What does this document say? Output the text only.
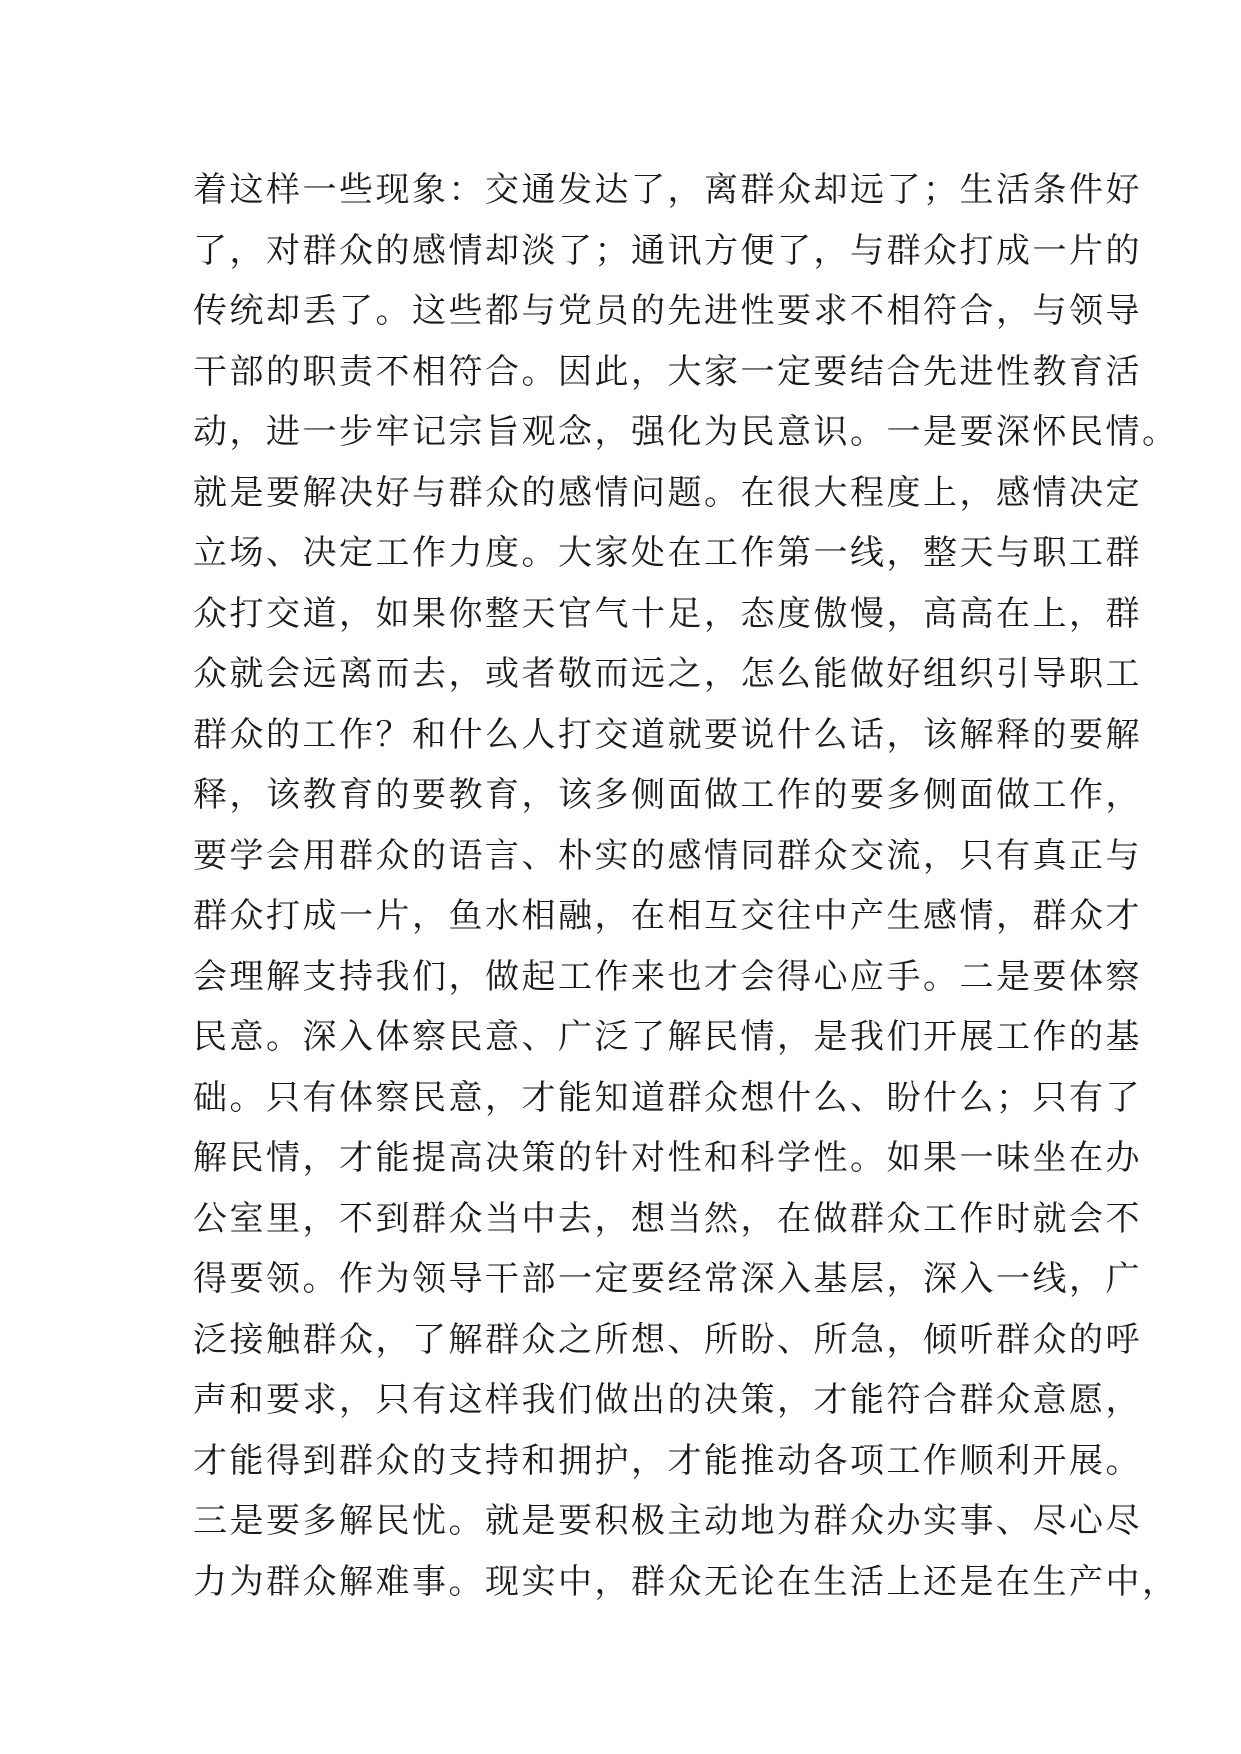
着这样一些现象：交通发达了，离群众却远了；生活条件好
了，对群众的感情却淡了；通讯方便了，与群众打成一片的
传统却丢了。这些都与党员的先进性要求不相符合，与领导
干部的职责不相符合。因此，大家一定要结合先进性教育活
动，进一步牢记宗旨观念，强化为民意识。一是要深怀民情。
就是要解决好与群众的感情问题。在很大程度上，感情决定
立场、决定工作力度。大家处在工作第一线，整天与职工群
众打交道，如果你整天官气十足，态度傲慢，高高在上，群
众就会远离而去，或者敬而远之，怎么能做好组织引导职工
群众的工作？和什么人打交道就要说什么话，该解释的要解
释，该教育的要教育，该多侧面做工作的要多侧面做工作，
要学会用群众的语言、朴实的感情同群众交流，只有真正与
群众打成一片，鱼水相融，在相互交往中产生感情，群众才
会理解支持我们，做起工作来也才会得心应手。二是要体察
民意。深入体察民意、广泛了解民情，是我们开展工作的基
础。只有体察民意，才能知道群众想什么、盼什么；只有了
解民情，才能提高决策的针对性和科学性。如果一味坐在办
公室里，不到群众当中去，想当然，在做群众工作时就会不
得要领。作为领导干部一定要经常深入基层，深入一线，广
泛接触群众，了解群众之所想、所盼、所急，倾听群众的呼
声和要求，只有这样我们做出的决策，才能符合群众意愿，
才能得到群众的支持和拥护，才能推动各项工作顺利开展。
三是要多解民忧。就是要积极主动地为群众办实事、尽心尽
力为群众解难事。现实中，群众无论在生活上还是在生产中，
